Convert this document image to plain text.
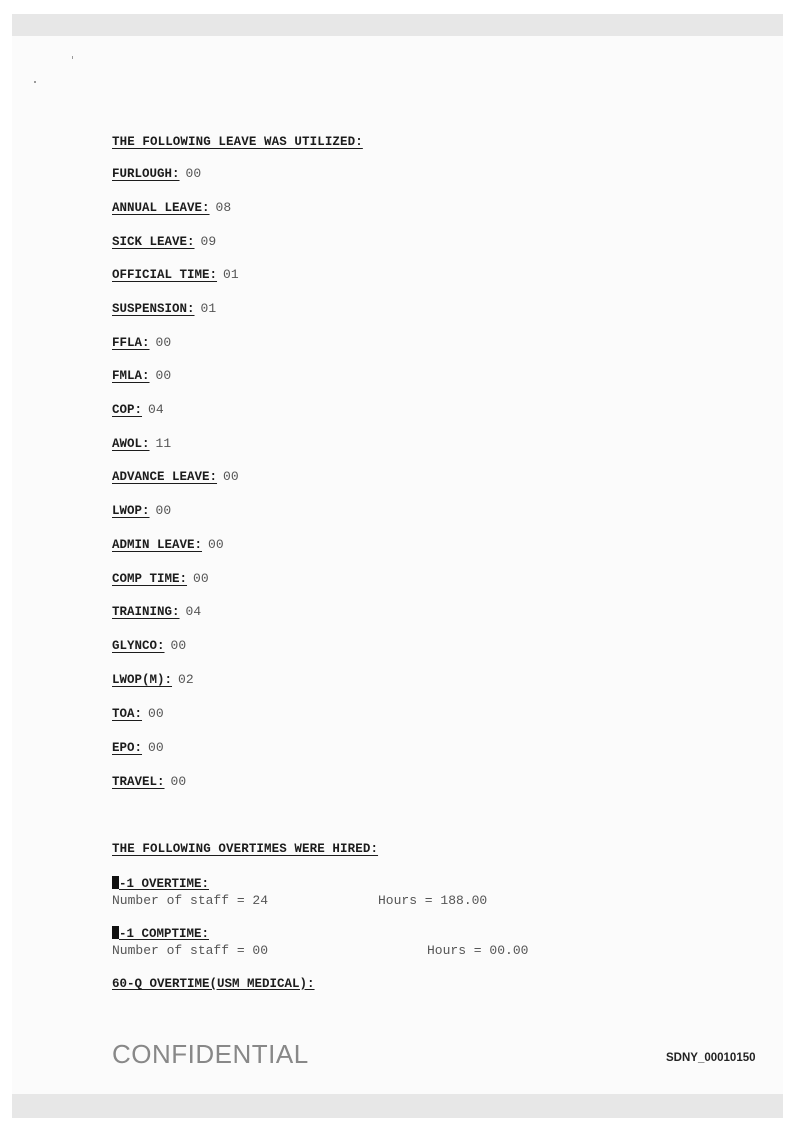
THE FOLLOWING LEAVE WAS UTILIZED:
FURLOUGH: 00
ANNUAL LEAVE: 08
SICK LEAVE: 09
OFFICIAL TIME: 01
SUSPENSION: 01
FFLA: 00
FMLA: 00
COP: 04
AWOL: 11
ADVANCE LEAVE: 00
LWOP: 00
ADMIN LEAVE: 00
COMP TIME: 00
TRAINING: 04
GLYNCO: 00
LWOP(M): 02
TOA: 00
EPO: 00
TRAVEL: 00
THE FOLLOWING OVERTIMES WERE HIRED:
-1 OVERTIME:
Number of staff = 24	Hours = 188.00
-1 COMPTIME:
Number of staff = 00	Hours = 00.00
60-Q OVERTIME(USM MEDICAL):
CONFIDENTIAL	SDNY_00010150
